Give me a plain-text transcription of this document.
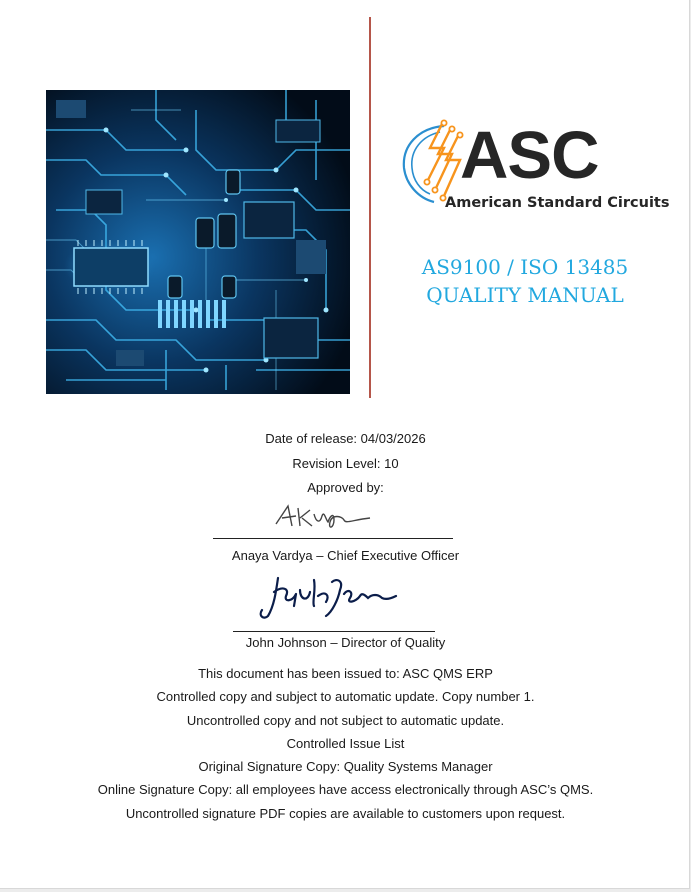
ASC
American Standard Circuits
AS9100 / ISO 13485
QUALITY MANUAL
Date of release: 04/03/2026
Revision Level: 10
Approved by:
Anaya Vardya – Chief Executive Officer
John Johnson – Director of Quality
This document has been issued to: ASC QMS ERP
Controlled copy and subject to automatic update. Copy number 1.
Uncontrolled copy and not subject to automatic update.
Controlled Issue List
Original Signature Copy: Quality Systems Manager
Online Signature Copy: all employees have access electronically through ASC’s QMS.
Uncontrolled signature PDF copies are available to customers upon request.
